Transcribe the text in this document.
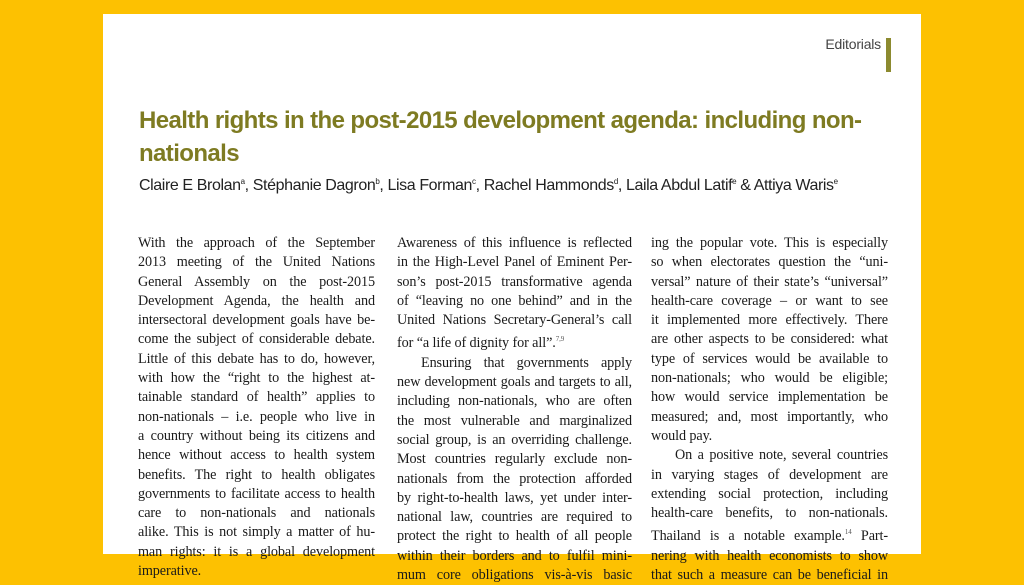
Editorials
Health rights in the post-2015 development agenda: including non-nationals
Claire E Brolan$^a$, Stéphanie Dagron$^b$, Lisa Forman$^c$, Rachel Hammonds$^d$, Laila Abdul Latif$^e$ & Attiya Waris$^e$
With the approach of the September
2013 meeting of the United Nations
General Assembly on the post-2015
Development Agenda, the health and
intersectoral development goals have be-
come the subject of considerable debate.
Little of this debate has to do, however,
with how the “right to the highest at-
tainable standard of health” applies to
non-nationals – i.e. people who live in
a country without being its citizens and
hence without access to health system
benefits. The right to health obligates
governments to facilitate access to health
care to non-nationals and nationals
alike. This is not simply a matter of hu-
man rights: it is a global development
imperative.
Awareness of this influence is reflected
in the High-Level Panel of Eminent Per-
son’s post-2015 transformative agenda
of “leaving no one behind” and in the
United Nations Secretary-General’s call
for “a life of dignity for all”.$^{7,9}$
Ensuring that governments apply
new development goals and targets to all,
including non-nationals, who are often
the most vulnerable and marginalized
social group, is an overriding challenge.
Most countries regularly exclude non-
nationals from the protection afforded
by right-to-health laws, yet under inter-
national law, countries are required to
protect the right to health of all people
within their borders and to fulfil mini-
mum core obligations vis-à-vis basic
ing the popular vote. This is especially
so when electorates question the “uni-
versal” nature of their state’s “universal”
health-care coverage – or want to see
it implemented more effectively. There
are other aspects to be considered: what
type of services would be available to
non-nationals; who would be eligible;
how would service implementation be
measured; and, most importantly, who
would pay.
On a positive note, several countries
in varying stages of development are
extending social protection, including
health-care benefits, to non-nationals.
Thailand is a notable example.$^{14}$ Part-
nering with health economists to show
that such a measure can be beneficial in
